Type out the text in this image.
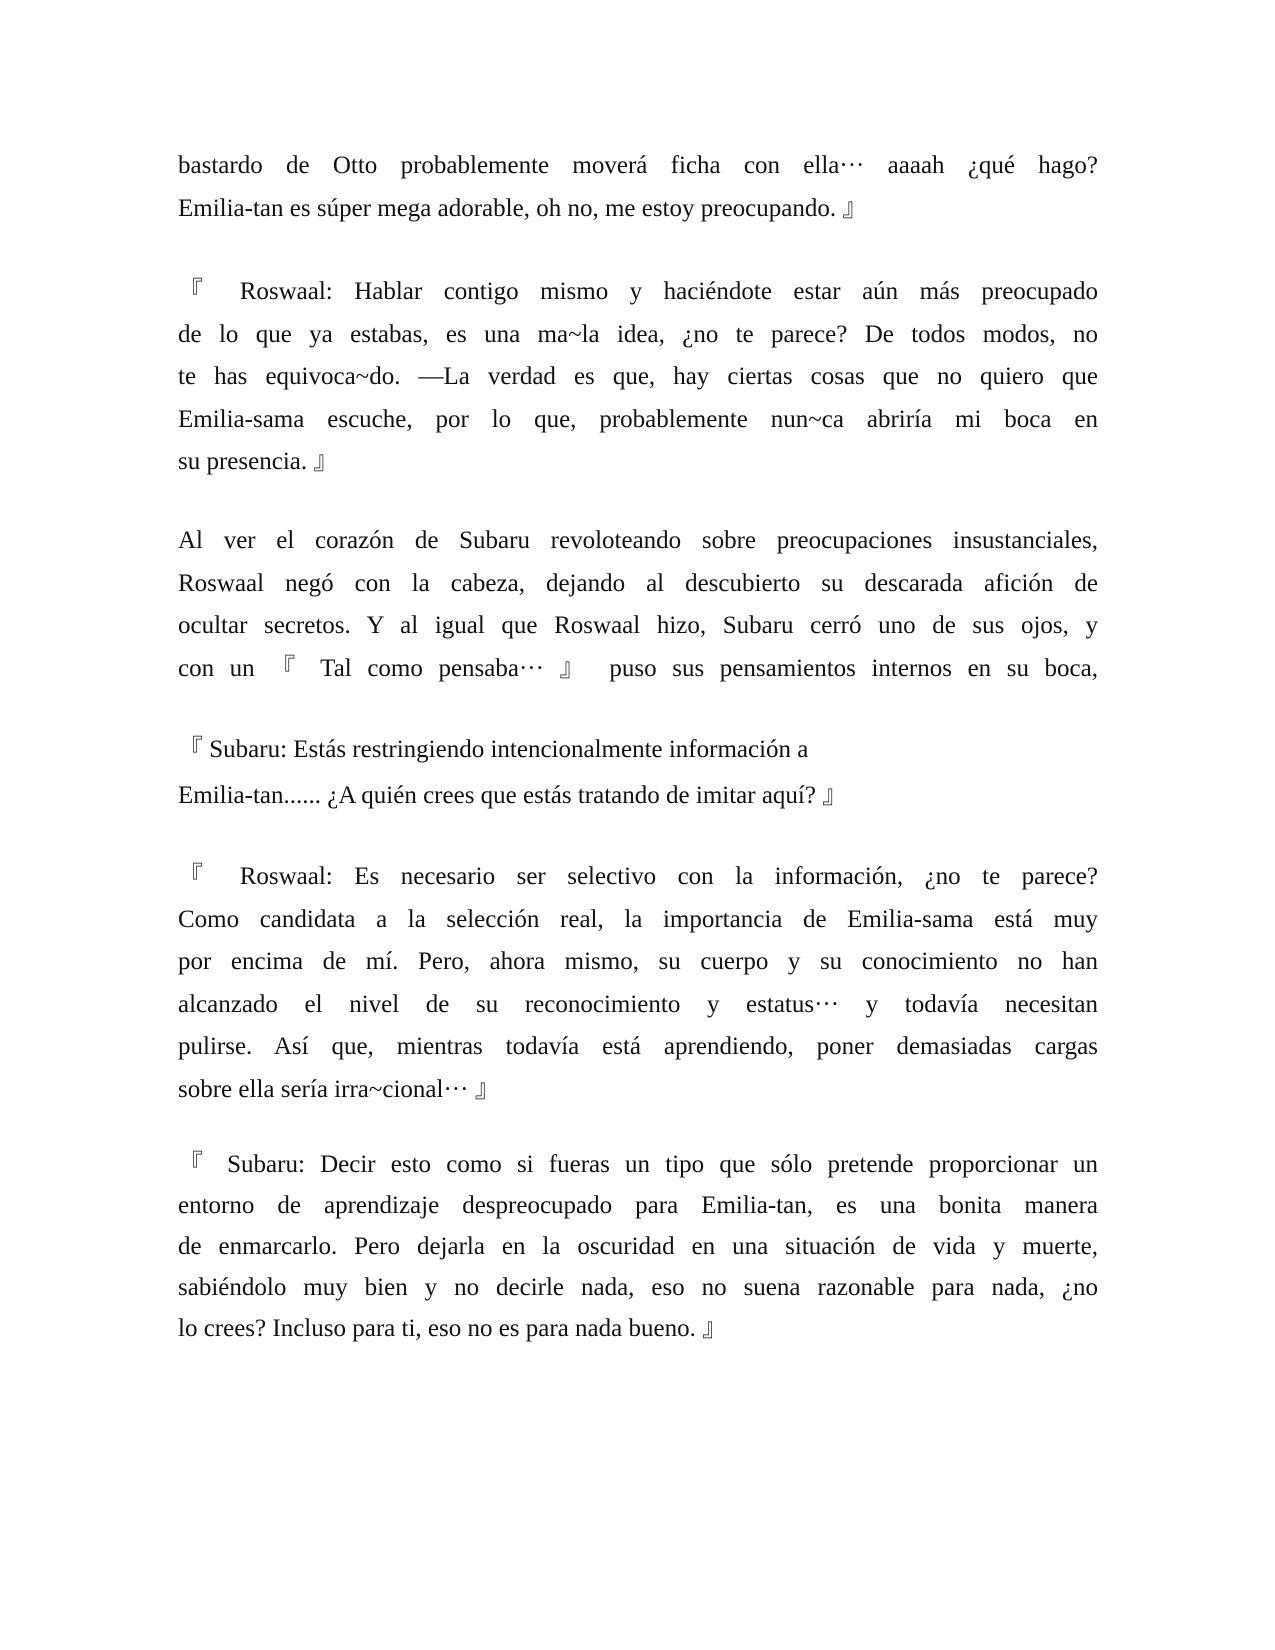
bastardo de Otto probablemente moverá ficha con ella··· aaaah ¿qué hago?
Emilia-tan es súper mega adorable, oh no, me estoy preocupando. 』
『 Roswaal: Hablar contigo mismo y haciéndote estar aún más preocupado
de lo que ya estabas, es una ma~la idea, ¿no te parece? De todos modos, no
te has equivoca~do. —La verdad es que, hay ciertas cosas que no quiero que
Emilia-sama escuche, por lo que, probablemente nun~ca abriría mi boca en
su presencia. 』
Al ver el corazón de Subaru revoloteando sobre preocupaciones insustanciales,
Roswaal negó con la cabeza, dejando al descubierto su descarada afición de
ocultar secretos. Y al igual que Roswaal hizo, Subaru cerró uno de sus ojos, y
con un 『 Tal como pensaba··· 』 puso sus pensamientos internos en su boca,
『 Subaru: Estás restringiendo intencionalmente información a
Emilia-tan...... ¿A quién crees que estás tratando de imitar aquí? 』
『 Roswaal: Es necesario ser selectivo con la información, ¿no te parece?
Como candidata a la selección real, la importancia de Emilia-sama está muy
por encima de mí. Pero, ahora mismo, su cuerpo y su conocimiento no han
alcanzado el nivel de su reconocimiento y estatus··· y todavía necesitan
pulirse. Así que, mientras todavía está aprendiendo, poner demasiadas cargas
sobre ella sería irra~cional··· 』
『 Subaru: Decir esto como si fueras un tipo que sólo pretende proporcionar un
entorno de aprendizaje despreocupado para Emilia-tan, es una bonita manera
de enmarcarlo. Pero dejarla en la oscuridad en una situación de vida y muerte,
sabiéndolo muy bien y no decirle nada, eso no suena razonable para nada, ¿no
lo crees? Incluso para ti, eso no es para nada bueno. 』
